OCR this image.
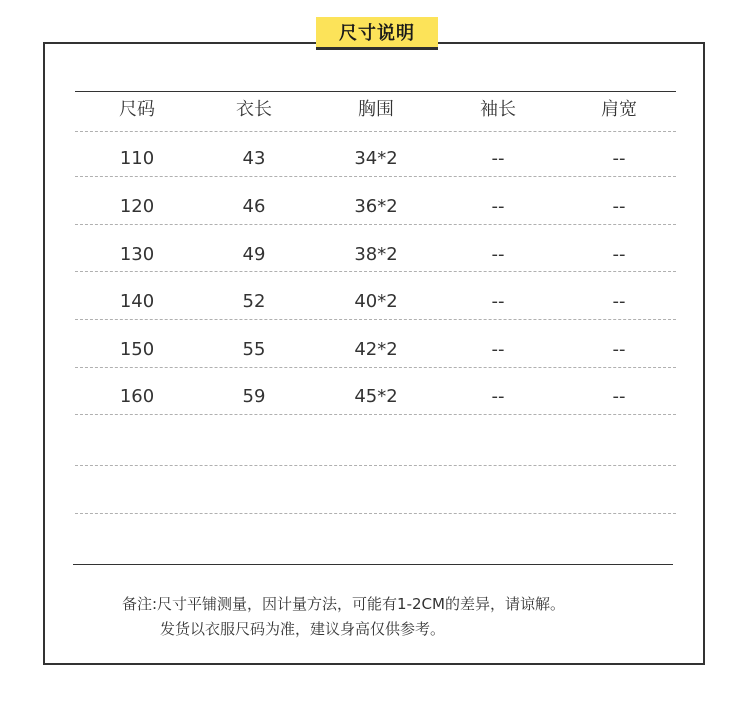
尺寸说明
尺码	衣长	胸围	袖长	肩宽
110	43	34*2	--	--
120	46	36*2	--	--
130	49	38*2	--	--
140	52	40*2	--	--
150	55	42*2	--	--
160	59	45*2	--	--
备注:尺寸平铺测量，因计量方法，可能有1-2CM的差异，请谅解。
发货以衣服尺码为准，建议身高仅供参考。
